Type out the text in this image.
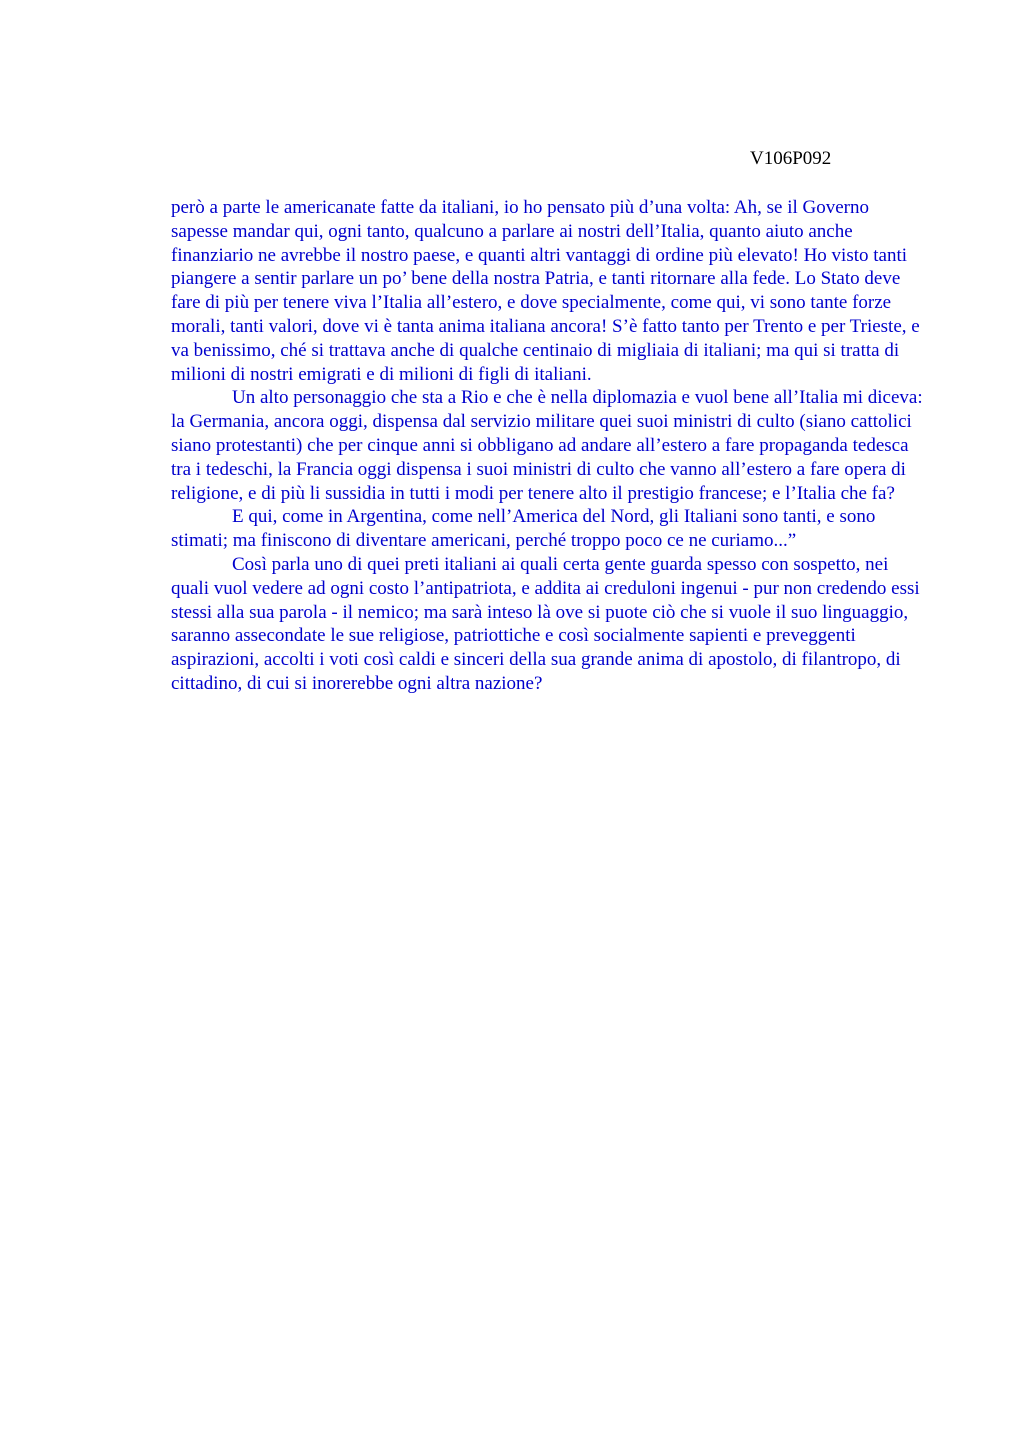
V106P092

però a parte le americanate fatte da italiani, io ho pensato più d’una volta: Ah, se il Governo sapesse mandar qui, ogni tanto, qualcuno a parlare ai nostri dell’Italia, quanto aiuto anche finanziario ne avrebbe il nostro paese, e quanti altri vantaggi di ordine più elevato! Ho visto tanti piangere a sentir parlare un po’ bene della nostra Patria, e tanti ritornare alla fede. Lo Stato deve fare di più per tenere viva l’Italia all’estero, e dove specialmente, come qui, vi sono tante forze morali, tanti valori, dove vi è tanta anima italiana ancora! S’è fatto tanto per Trento e per Trieste, e va benissimo, ché si trattava anche di qualche centinaio di migliaia di italiani; ma qui si tratta di milioni di nostri emigrati e di milioni di figli di italiani.

Un alto personaggio che sta a Rio e che è nella diplomazia e vuol bene all’Italia mi diceva: la Germania, ancora oggi, dispensa dal servizio militare quei suoi ministri di culto (siano cattolici siano protestanti) che per cinque anni si obbligano ad andare all’estero a fare propaganda tedesca tra i tedeschi, la Francia oggi dispensa i suoi ministri di culto che vanno all’estero a fare opera di religione, e di più li sussidia in tutti i modi per tenere alto il prestigio francese; e l’Italia che fa?

E qui, come in Argentina, come nell’America del Nord, gli Italiani sono tanti, e sono stimati; ma finiscono di diventare americani, perché troppo poco ce ne curiamo...”

Così parla uno di quei preti italiani ai quali certa gente guarda spesso con sospetto, nei quali vuol vedere ad ogni costo l’antipatriota, e addita ai creduloni ingenui - pur non credendo essi stessi alla sua parola - il nemico; ma sarà inteso là ove si puote ciò che si vuole il suo linguaggio, saranno assecondate le sue religiose, patriottiche e così socialmente sapienti e preveggenti aspirazioni, accolti i voti così caldi e sinceri della sua grande anima di apostolo, di filantropo, di cittadino, di cui si inorerebbe ogni altra nazione?
